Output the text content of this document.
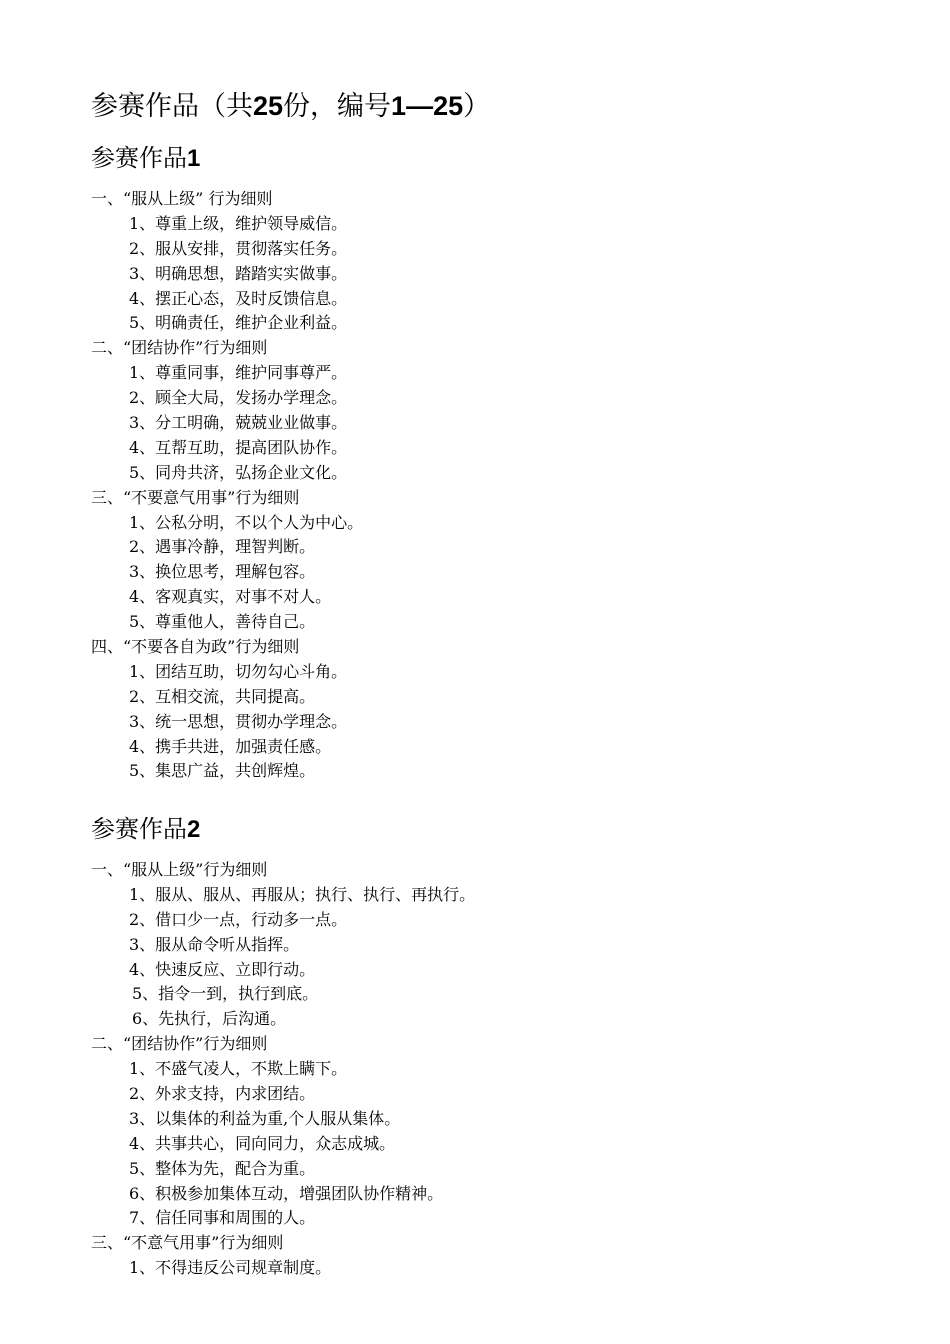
参赛作品（共25份，编号1—25）
参赛作品1
一、“服从上级” 行为细则
1、尊重上级，维护领导威信。
2、服从安排，贯彻落实任务。
3、明确思想，踏踏实实做事。
4、摆正心态，及时反馈信息。
5、明确责任，维护企业利益。
二、“团结协作”行为细则
1、尊重同事，维护同事尊严。
2、顾全大局，发扬办学理念。
3、分工明确，兢兢业业做事。
4、互帮互助，提高团队协作。
5、同舟共济，弘扬企业文化。
三、“不要意气用事”行为细则
1、公私分明，不以个人为中心。
2、遇事冷静，理智判断。
3、换位思考，理解包容。
4、客观真实，对事不对人。
5、尊重他人，善待自己。
四、“不要各自为政”行为细则
1、团结互助，切勿勾心斗角。
2、互相交流，共同提高。
3、统一思想，贯彻办学理念。
4、携手共进，加强责任感。
5、集思广益，共创辉煌。
参赛作品2
一、“服从上级”行为细则
1、服从、服从、再服从；执行、执行、再执行。
2、借口少一点，行动多一点。
3、服从命令听从指挥。
4、快速反应、立即行动。
5、指令一到，执行到底。
6、先执行，后沟通。
二、“团结协作”行为细则
1、不盛气凌人，不欺上瞒下。
2、外求支持，内求团结。
3、以集体的利益为重,个人服从集体。
4、共事共心，同向同力，众志成城。
5、整体为先，配合为重。
6、积极参加集体互动，增强团队协作精神。
7、信任同事和周围的人。
三、“不意气用事”行为细则
1、不得违反公司规章制度。
